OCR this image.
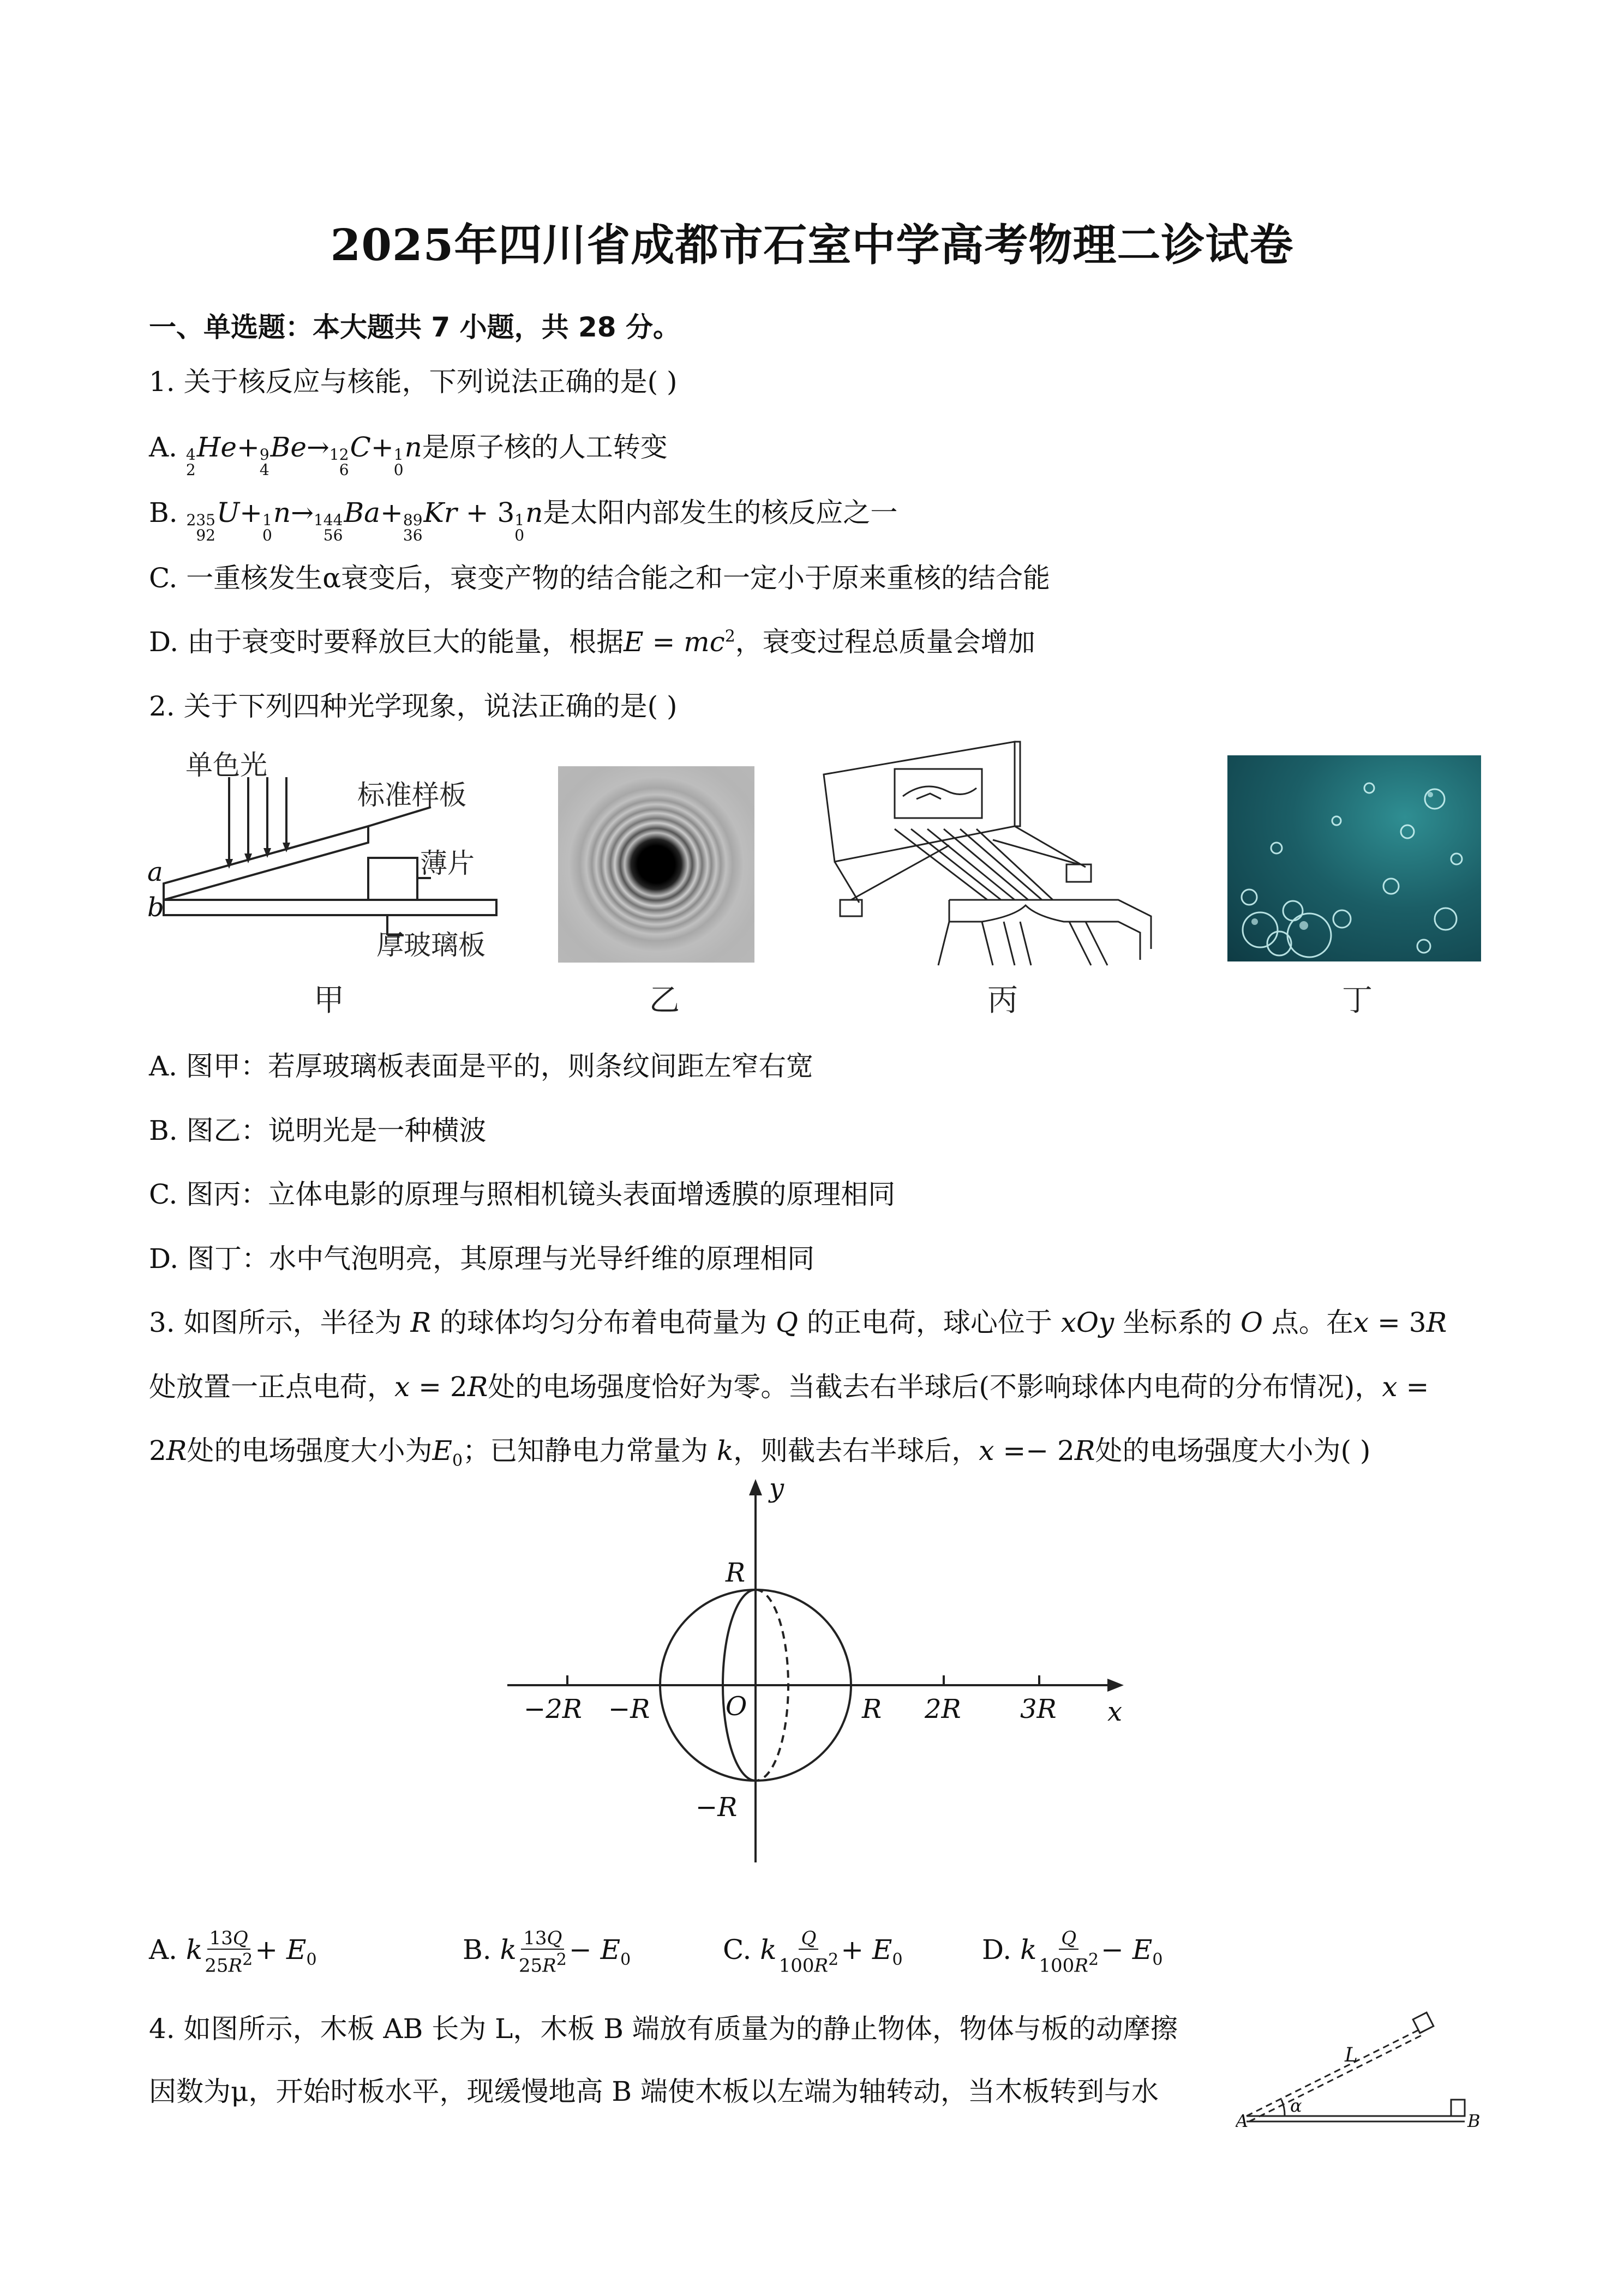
2025年四川省成都市石室中学高考物理二诊试卷
一、单选题：本大题共 7 小题，共 28 分。
1. 关于核反应与核能，下列说法正确的是( )
A. 4
2
He+ 9
4
Be→ 12
6
C+ 1
0
n是原子核的人工转变
B. 235
92
U+ 1
0
n→ 144
56
Ba+ 89
36
Kr + 3 1
0
n是太阳内部发生的核反应之一
C. 一重核发生α衰变后，衰变产物的结合能之和一定小于原来重核的结合能
D. 由于衰变时要释放巨大的能量，根据$E = mc^2$，衰变过程总质量会增加
2. 关于下列四种光学现象，说法正确的是( )
单色光
标准样板
薄片
厚玻璃板
a
b
甲	乙	丙	丁
A. 图甲：若厚玻璃板表面是平的，则条纹间距左窄右宽
B. 图乙：说明光是一种横波
C. 图丙：立体电影的原理与照相机镜头表面增透膜的原理相同
D. 图丁：水中气泡明亮，其原理与光导纤维的原理相同
3. 如图所示，半径为 R 的球体均匀分布着电荷量为 Q 的正电荷，球心位于 xOy 坐标系的 O 点。在x = 3R
处放置一正点电荷，x = 2R处的电场强度恰好为零。当截去右半球后(不影响球体内电荷的分布情况)，x =
2R处的电场强度大小为$E_0$；已知静电力常量为 k，则截去右半球后，x =− 2R处的电场强度大小为( )
y
x
O
R
−R
−2R −R	R 2R 3R
A. k $\frac{13Q}{25R^2} + E_0$	B. k $\frac{13Q}{25R^2} - E_0$	C. k $\frac{Q}{100R^2} + E_0$	D. k $\frac{Q}{100R^2} - E_0$
4. 如图所示，木板 AB 长为 L，木板 B 端放有质量为的静止物体，物体与板的动摩擦
因数为μ，开始时板水平，现缓慢地高 B 端使木板以左端为轴转动，当木板转到与水
L
α
A	B
